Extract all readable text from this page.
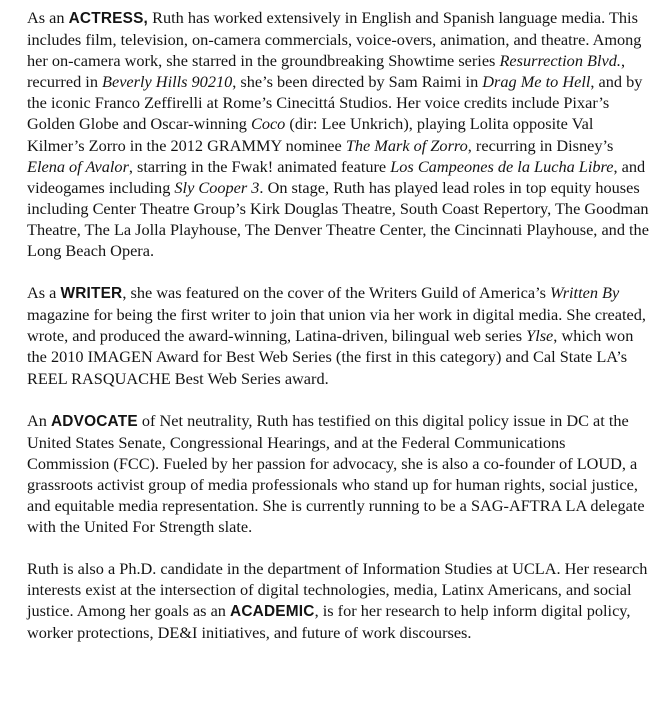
As an ACTRESS, Ruth has worked extensively in English and Spanish language media. This includes film, television, on-camera commercials, voice-overs, animation, and theatre. Among her on-camera work, she starred in the groundbreaking Showtime series Resurrection Blvd., recurred in Beverly Hills 90210, she’s been directed by Sam Raimi in Drag Me to Hell, and by the iconic Franco Zeffirelli at Rome’s Cinecittá Studios. Her voice credits include Pixar’s Golden Globe and Oscar-winning Coco (dir: Lee Unkrich), playing Lolita opposite Val Kilmer’s Zorro in the 2012 GRAMMY nominee The Mark of Zorro, recurring in Disney’s Elena of Avalor, starring in the Fwak! animated feature Los Campeones de la Lucha Libre, and videogames including Sly Cooper 3. On stage, Ruth has played lead roles in top equity houses including Center Theatre Group’s Kirk Douglas Theatre, South Coast Repertory, The Goodman Theatre, The La Jolla Playhouse, The Denver Theatre Center, the Cincinnati Playhouse, and the Long Beach Opera.

As a WRITER, she was featured on the cover of the Writers Guild of America’s Written By magazine for being the first writer to join that union via her work in digital media. She created, wrote, and produced the award-winning, Latina-driven, bilingual web series Ylse, which won the 2010 IMAGEN Award for Best Web Series (the first in this category) and Cal State LA’s REEL RASQUACHE Best Web Series award.

An ADVOCATE of Net neutrality, Ruth has testified on this digital policy issue in DC at the United States Senate, Congressional Hearings, and at the Federal Communications Commission (FCC). Fueled by her passion for advocacy, she is also a co-founder of LOUD, a grassroots activist group of media professionals who stand up for human rights, social justice, and equitable media representation. She is currently running to be a SAG-AFTRA LA delegate with the United For Strength slate.

Ruth is also a Ph.D. candidate in the department of Information Studies at UCLA. Her research interests exist at the intersection of digital technologies, media, Latinx Americans, and social justice. Among her goals as an ACADEMIC, is for her research to help inform digital policy, worker protections, DE&I initiatives, and future of work discourses.
